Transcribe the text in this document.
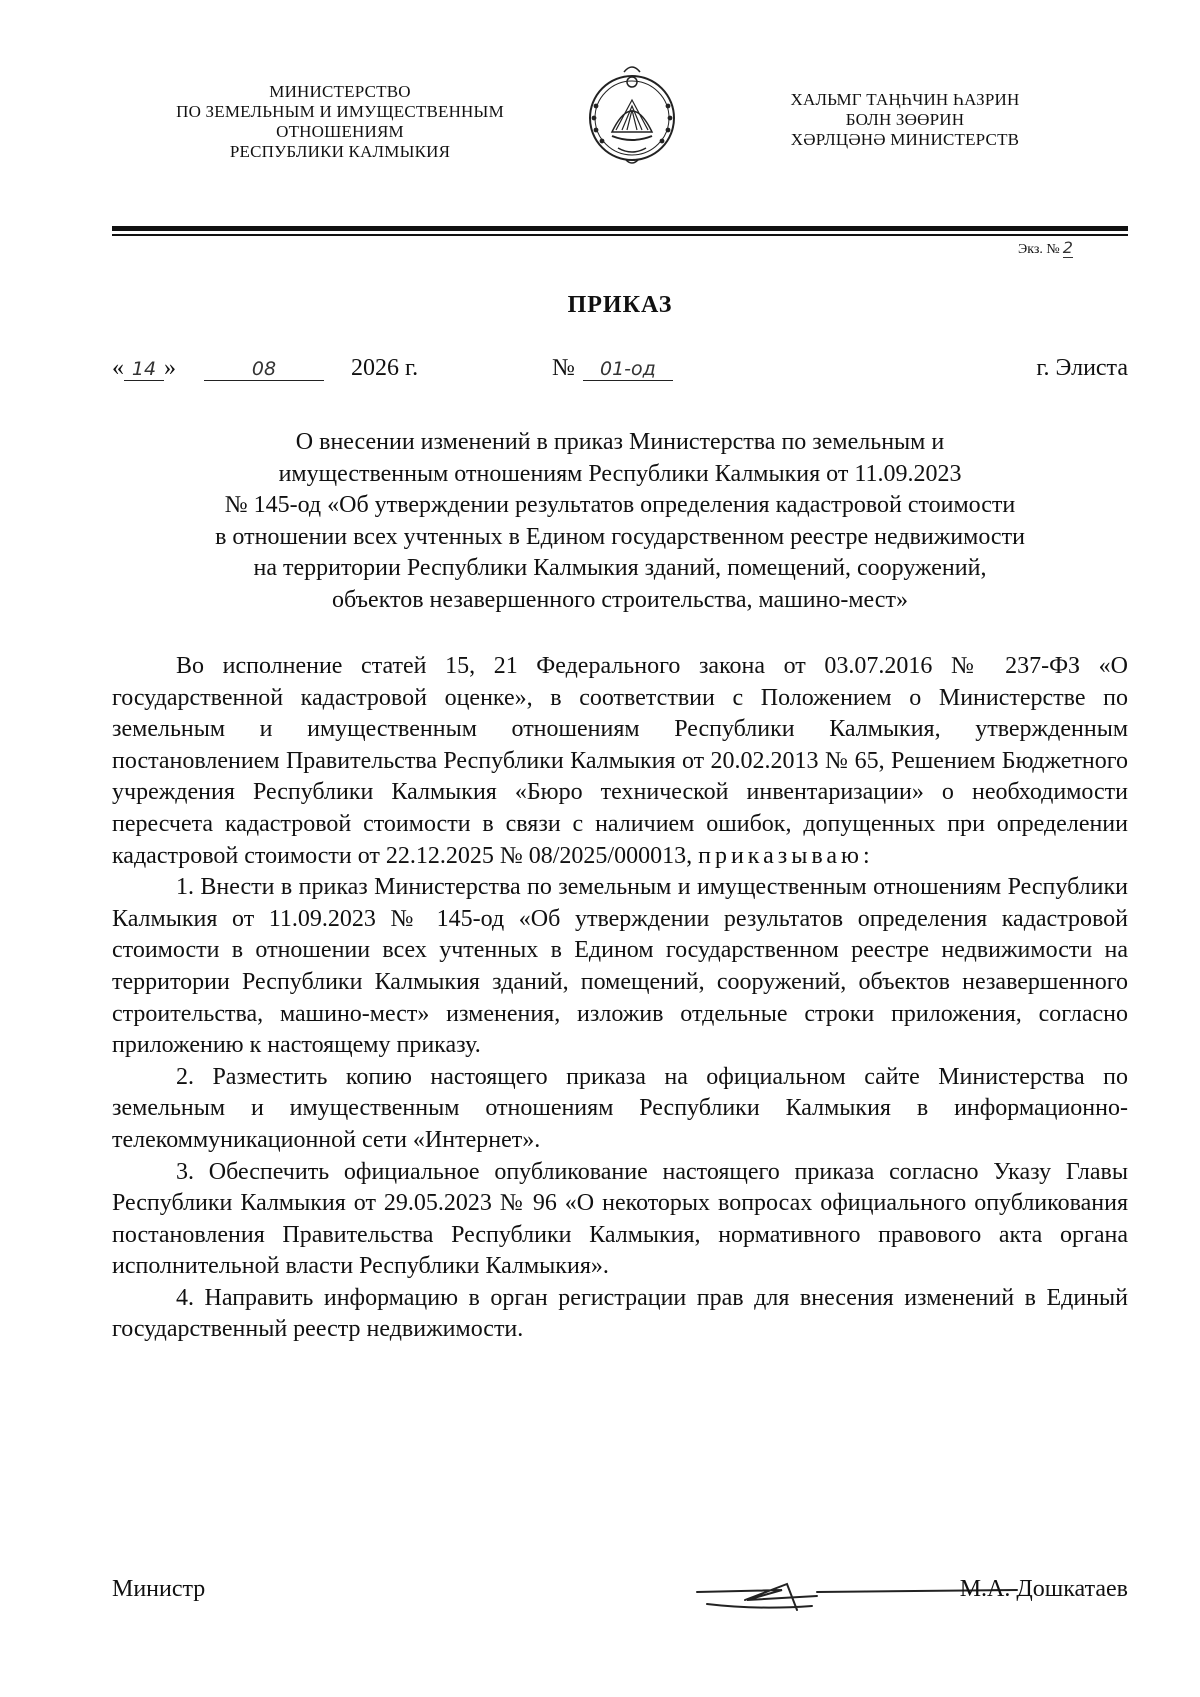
МИНИСТЕРСТВО
ПО ЗЕМЕЛЬНЫМ И ИМУЩЕСТВЕННЫМ
ОТНОШЕНИЯМ
РЕСПУБЛИКИ КАЛМЫКИЯ
ХАЛЬМГ ТАҢҺЧИН ҺАЗРИН
БОЛН ЗӨӨРИН
ХӘРЛЦӘНӘ МИНИСТЕРСТВ
Экз. № 2
ПРИКАЗ
« 14 »	08	2026 г.	№ 01-од	г. Элиста
О внесении изменений в приказ Министерства по земельным и
имущественным отношениям Республики Калмыкия от 11.09.2023
№ 145-од «Об утверждении результатов определения кадастровой стоимости
в отношении всех учтенных в Едином государственном реестре недвижимости
на территории Республики Калмыкия зданий, помещений, сооружений,
объектов незавершенного строительства, машино-мест»

Во исполнение статей 15, 21 Федерального закона от 03.07.2016 № 237-ФЗ «О государственной кадастровой оценке», в соответствии с Положением о Министерстве по земельным и имущественным отношениям Республики Калмыкия, утвержденным постановлением Правительства Республики Калмыкия от 20.02.2013 № 65, Решением Бюджетного учреждения Республики Калмыкия «Бюро технической инвентаризации» о необходимости пересчета кадастровой стоимости в связи с наличием ошибок, допущенных при определении кадастровой стоимости от 22.12.2025 № 08/2025/000013, приказываю:

1. Внести в приказ Министерства по земельным и имущественным отношениям Республики Калмыкия от 11.09.2023 № 145-од «Об утверждении результатов определения кадастровой стоимости в отношении всех учтенных в Едином государственном реестре недвижимости на территории Республики Калмыкия зданий, помещений, сооружений, объектов незавершенного строительства, машино-мест» изменения, изложив отдельные строки приложения, согласно приложению к настоящему приказу.

2. Разместить копию настоящего приказа на официальном сайте Министерства по земельным и имущественным отношениям Республики Калмыкия в информационно-телекоммуникационной сети «Интернет».

3. Обеспечить официальное опубликование настоящего приказа согласно Указу Главы Республики Калмыкия от 29.05.2023 № 96 «О некоторых вопросах официального опубликования постановления Правительства Республики Калмыкия, нормативного правового акта органа исполнительной власти Республики Калмыкия».

4. Направить информацию в орган регистрации прав для внесения изменений в Единый государственный реестр недвижимости.

Министр	М.А. Дошкатаев
